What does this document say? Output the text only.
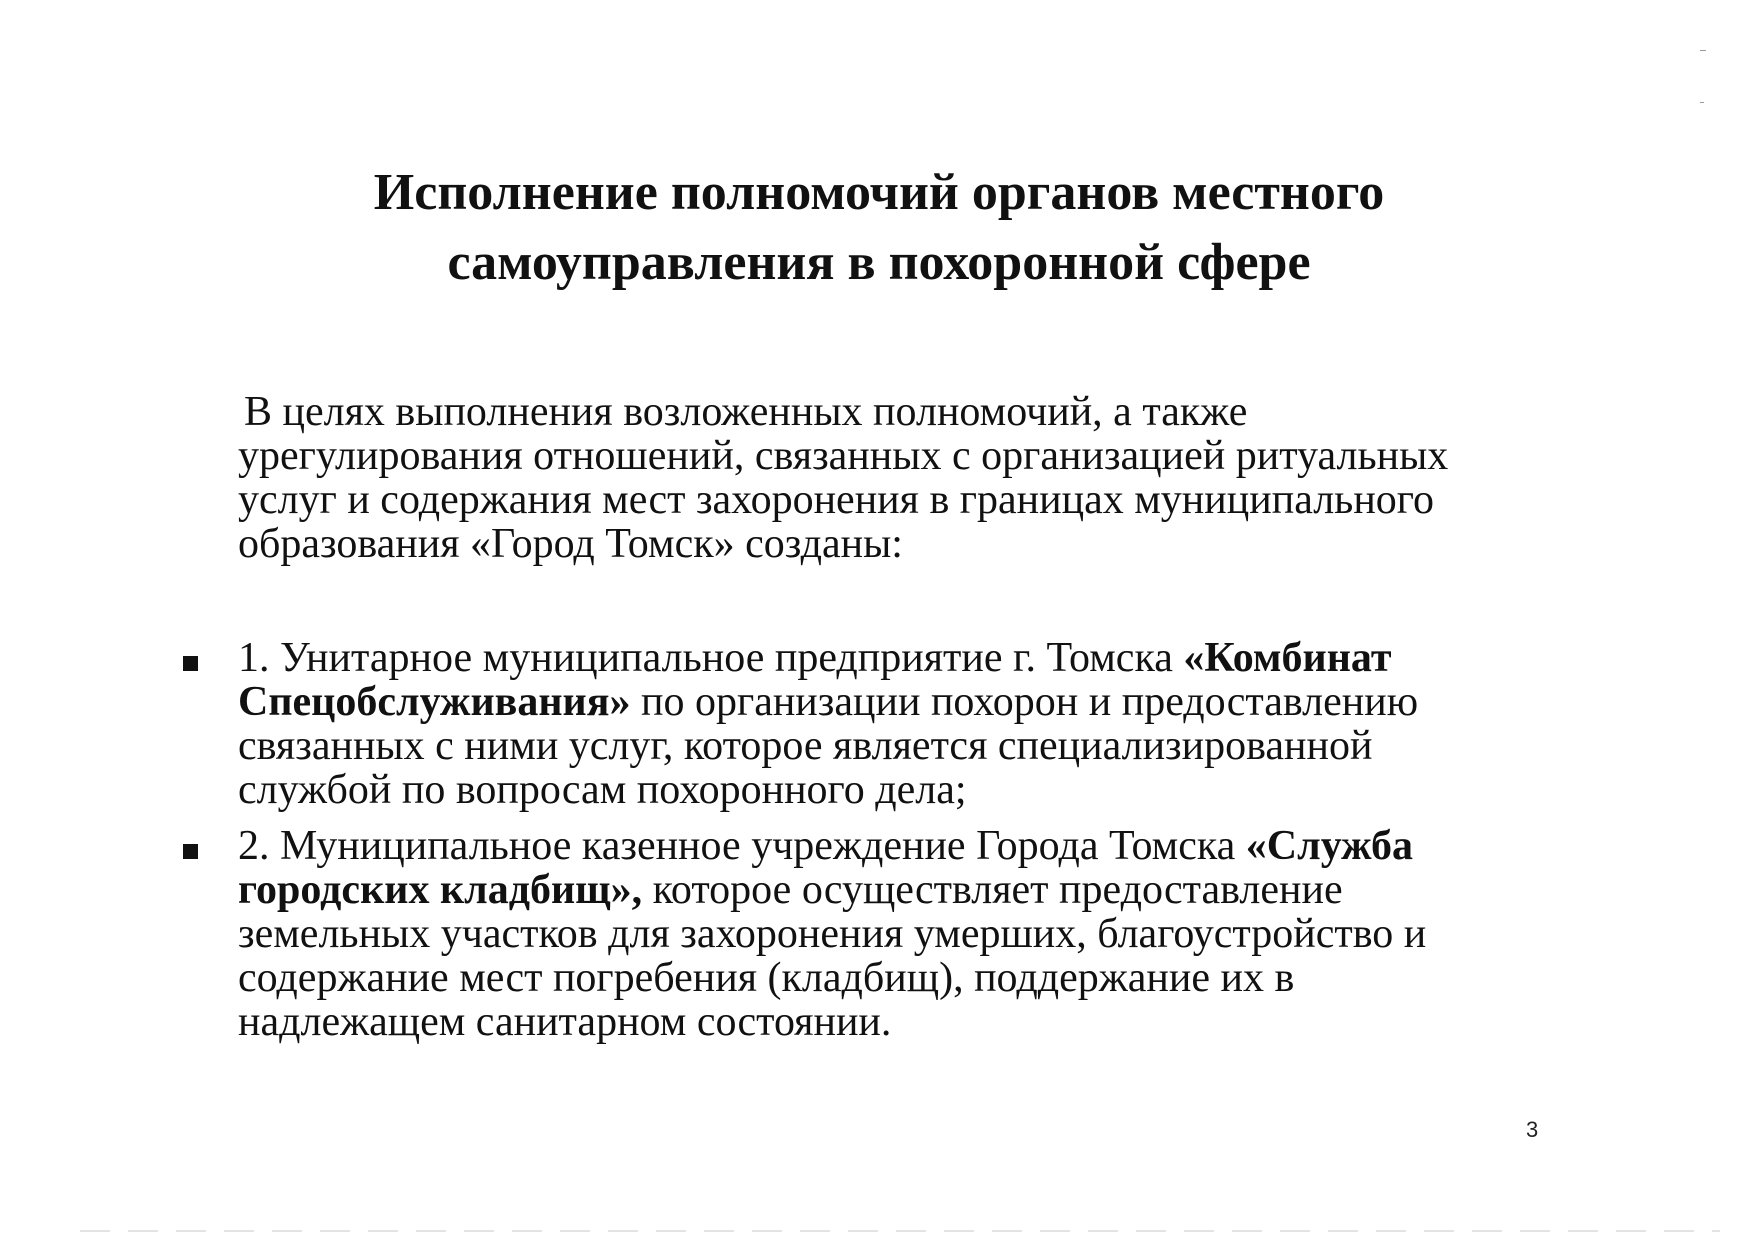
Исполнение полномочий органов местного
самоуправления в похоронной сфере
В целях выполнения возложенных полномочий, а также
урегулирования отношений, связанных с организацией ритуальных
услуг и содержания мест захоронения в границах муниципального
образования «Город Томск» созданы:
1. Унитарное муниципальное предприятие г. Томска «Комбинат
Спецобслуживания» по организации похорон и предоставлению
связанных с ними услуг, которое является специализированной
службой по вопросам похоронного дела;
2. Муниципальное казенное учреждение Города Томска «Служба
городских кладбищ», которое осуществляет предоставление
земельных участков для захоронения умерших, благоустройство и
содержание мест погребения (кладбищ), поддержание их в
надлежащем санитарном состоянии.
3
